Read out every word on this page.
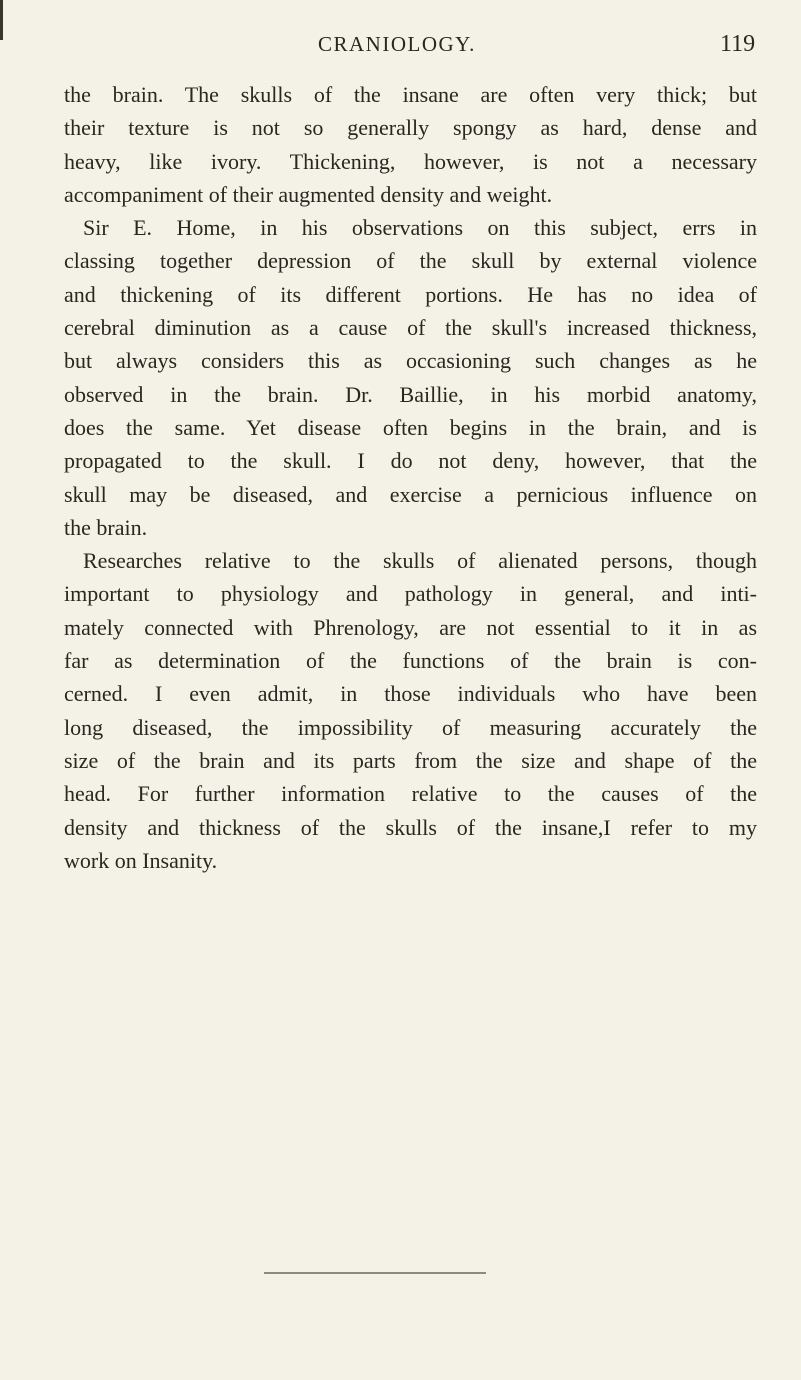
CRANIOLOGY.	119
the brain. The skulls of the insane are often very thick; but
their texture is not so generally spongy as hard, dense and
heavy, like ivory. Thickening, however, is not a necessary
accompaniment of their augmented density and weight.
Sir E. Home, in his observations on this subject, errs in
classing together depression of the skull by external violence
and thickening of its different portions. He has no idea of
cerebral diminution as a cause of the skull's increased thickness,
but always considers this as occasioning such changes as he
observed in the brain. Dr. Baillie, in his morbid anatomy,
does the same. Yet disease often begins in the brain, and is
propagated to the skull. I do not deny, however, that the
skull may be diseased, and exercise a pernicious influence on
the brain.
Researches relative to the skulls of alienated persons, though
important to physiology and pathology in general, and inti-
mately connected with Phrenology, are not essential to it in as
far as determination of the functions of the brain is con-
cerned. I even admit, in those individuals who have been
long diseased, the impossibility of measuring accurately the
size of the brain and its parts from the size and shape of the
head. For further information relative to the causes of the
density and thickness of the skulls of the insane,I refer to my
work on Insanity.
